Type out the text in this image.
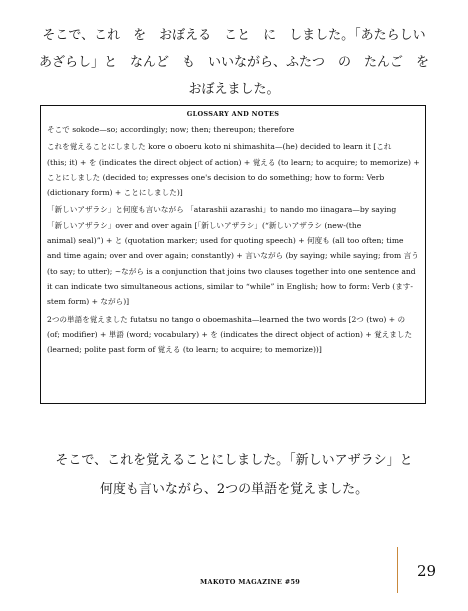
そこで、これ　を　おぼえる　こと　に　しました。「あたらしい
あざらし」と　なんど　も　いいながら、ふたつ　の　たんご　を
おぼえました。
GLOSSARY AND NOTES
そこで sokode—so; accordingly; now; then; thereupon; therefore
これを覚えることにしました kore o oboeru koto ni shimashita—(he) decided to learn it [これ
(this; it) + を (indicates the direct object of action) + 覚える (to learn; to acquire; to memorize) +
ことにしました (decided to; expresses one's decision to do something; how to form: Verb
(dictionary form) + ことにしました)]
「新しいアザラシ」と何度も言いながら 「atarashii azarashi」to nando mo iinagara—by saying
「新しいアザラシ」over and over again [「新しいアザラシ」(“新しいアザラシ (new-(the
animal) seal)”) + と (quotation marker; used for quoting speech) + 何度も (all too often; time
and time again; over and over again; constantly) + 言いながら (by saying; while saying; from 言う
(to say; to utter); ~ながら is a conjunction that joins two clauses together into one sentence and
it can indicate two simultaneous actions, similar to “while” in English; how to form: Verb (ます-
stem form) + ながら)]
2つの単語を覚えました futatsu no tango o oboemashita—learned the two words [2つ (two) + の
(of; modifier) + 単語 (word; vocabulary) + を (indicates the direct object of action) + 覚えました
(learned; polite past form of 覚える (to learn; to acquire; to memorize))]
そこで、これを覚えることにしました。「新しいアザラシ」と
何度も言いながら、2つの単語を覚えました。
MAKOTO MAGAZINE #59
29
